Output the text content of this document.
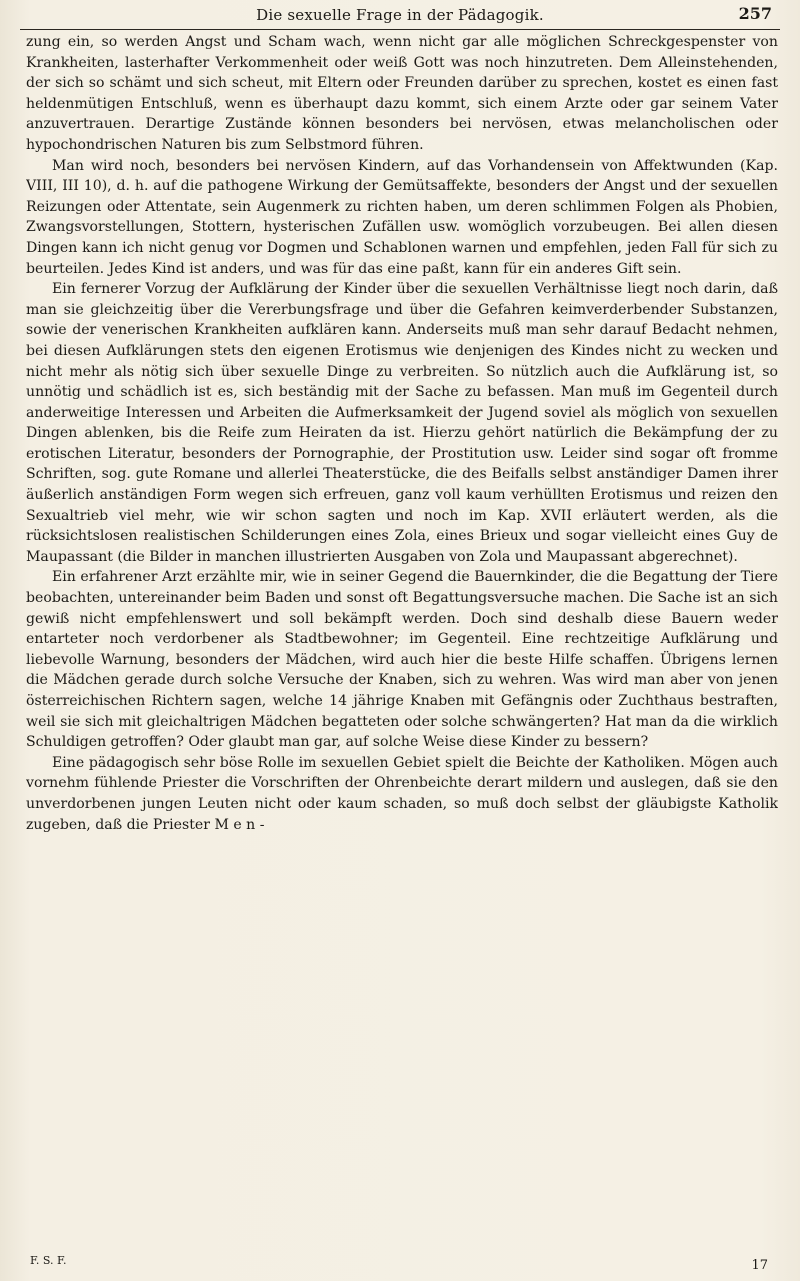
Die sexuelle Frage in der Pädagogik.	257

zung ein, so werden Angst und Scham wach, wenn nicht gar alle möglichen Schreckgespenster von Krankheiten, lasterhafter Verkommenheit oder weiß Gott was noch hinzutreten. Dem Alleinstehenden, der sich so schämt und sich scheut, mit Eltern oder Freunden darüber zu sprechen, kostet es einen fast heldenmütigen Entschluß, wenn es überhaupt dazu kommt, sich einem Arzte oder gar seinem Vater anzuvertrauen. Derartige Zustände können besonders bei nervösen, etwas melancholischen oder hypochondrischen Naturen bis zum Selbstmord führen.

Man wird noch, besonders bei nervösen Kindern, auf das Vorhandensein von Affektwunden (Kap. VIII, III 10), d. h. auf die pathogene Wirkung der Gemütsaffekte, besonders der Angst und der sexuellen Reizungen oder Attentate, sein Augenmerk zu richten haben, um deren schlimmen Folgen als Phobien, Zwangsvorstellungen, Stottern, hysterischen Zufällen usw. womöglich vorzubeugen. Bei allen diesen Dingen kann ich nicht genug vor Dogmen und Schablonen warnen und empfehlen, jeden Fall für sich zu beurteilen. Jedes Kind ist anders, und was für das eine paßt, kann für ein anderes Gift sein.

Ein fernerer Vorzug der Aufklärung der Kinder über die sexuellen Verhältnisse liegt noch darin, daß man sie gleichzeitig über die Vererbungsfrage und über die Gefahren keimverderbender Substanzen, sowie der venerischen Krankheiten aufklären kann. Anderseits muß man sehr darauf Bedacht nehmen, bei diesen Aufklärungen stets den eigenen Erotismus wie denjenigen des Kindes nicht zu wecken und nicht mehr als nötig sich über sexuelle Dinge zu verbreiten. So nützlich auch die Aufklärung ist, so unnötig und schädlich ist es, sich beständig mit der Sache zu befassen. Man muß im Gegenteil durch anderweitige Interessen und Arbeiten die Aufmerksamkeit der Jugend soviel als möglich von sexuellen Dingen ablenken, bis die Reife zum Heiraten da ist. Hierzu gehört natürlich die Bekämpfung der zu erotischen Literatur, besonders der Pornographie, der Prostitution usw. Leider sind sogar oft fromme Schriften, sog. gute Romane und allerlei Theaterstücke, die des Beifalls selbst anständiger Damen ihrer äußerlich anständigen Form wegen sich erfreuen, ganz voll kaum verhüllten Erotismus und reizen den Sexualtrieb viel mehr, wie wir schon sagten und noch im Kap. XVII erläutert werden, als die rücksichtslosen realistischen Schilderungen eines Zola, eines Brieux und sogar vielleicht eines Guy de Maupassant (die Bilder in manchen illustrierten Ausgaben von Zola und Maupassant abgerechnet).

Ein erfahrener Arzt erzählte mir, wie in seiner Gegend die Bauernkinder, die die Begattung der Tiere beobachten, untereinander beim Baden und sonst oft Begattungsversuche machen. Die Sache ist an sich gewiß nicht empfehlenswert und soll bekämpft werden. Doch sind deshalb diese Bauern weder entarteter noch verdorbener als Stadtbewohner; im Gegenteil. Eine rechtzeitige Aufklärung und liebevolle Warnung, besonders der Mädchen, wird auch hier die beste Hilfe schaffen. Übrigens lernen die Mädchen gerade durch solche Versuche der Knaben, sich zu wehren. Was wird man aber von jenen österreichischen Richtern sagen, welche 14 jährige Knaben mit Gefängnis oder Zuchthaus bestraften, weil sie sich mit gleichaltrigen Mädchen begatteten oder solche schwängerten? Hat man da die wirklich Schuldigen getroffen? Oder glaubt man gar, auf solche Weise diese Kinder zu bessern?

Eine pädagogisch sehr böse Rolle im sexuellen Gebiet spielt die Beichte der Katholiken. Mögen auch vornehm fühlende Priester die Vorschriften der Ohrenbeichte derart mildern und auslegen, daß sie den unverdorbenen jungen Leuten nicht oder kaum schaden, so muß doch selbst der gläubigste Katholik zugeben, daß die Priester M e n -

F. S. F.	17
